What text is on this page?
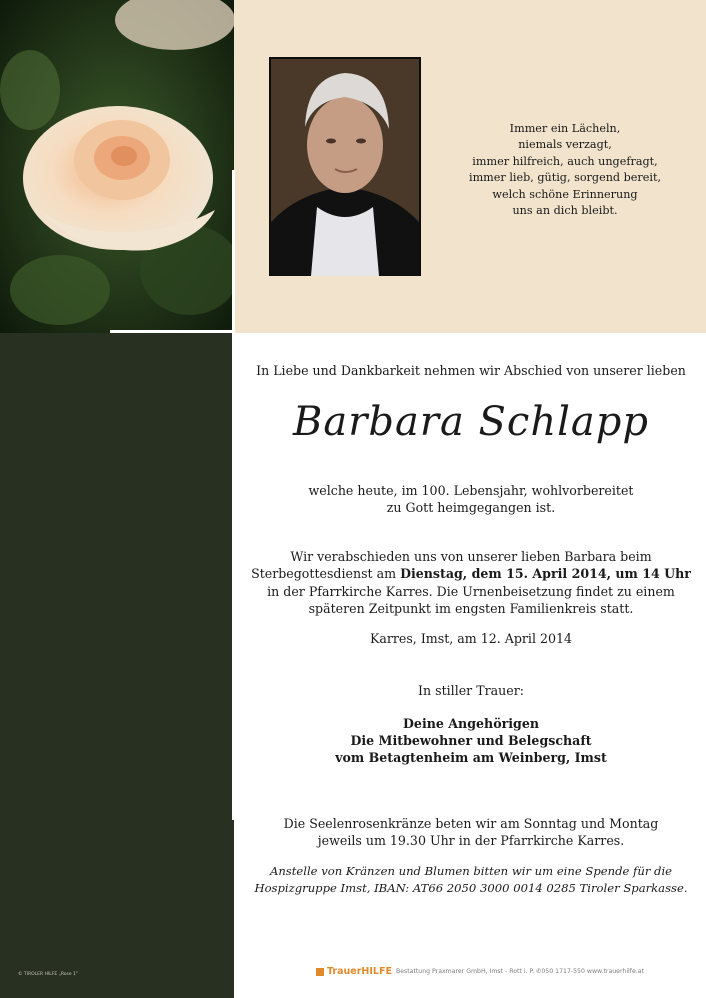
Immer ein Lächeln,
niemals verzagt,
immer hilfreich, auch ungefragt,
immer lieb, gütig, sorgend bereit,
welch schöne Erinnerung
uns an dich bleibt.
In Liebe und Dankbarkeit nehmen wir Abschied von unserer lieben
Barbara Schlapp
welche heute, im 100. Lebensjahr, wohlvorbereitet
zu Gott heimgegangen ist.
Wir verabschieden uns von unserer lieben Barbara beim
Sterbegottesdienst am Dienstag, dem 15. April 2014, um 14 Uhr
in der Pfarrkirche Karres. Die Urnenbeisetzung findet zu einem
späteren Zeitpunkt im engsten Familienkreis statt.
Karres, Imst, am 12. April 2014
In stiller Trauer:
Deine Angehörigen
Die Mitbewohner und Belegschaft
vom Betagtenheim am Weinberg, Imst
Die Seelenrosenkränze beten wir am Sonntag und Montag
jeweils um 19.30 Uhr in der Pfarrkirche Karres.
Anstelle von Kränzen und Blumen bitten wir um eine Spende für die
Hospizgruppe Imst, IBAN: AT66 2050 3000 0014 0285 Tiroler Sparkasse.
© TIROLER HILFE „Rose 1"	TrauerHILFE Bestattung Praxmarer GmbH, Imst - Rott i. P. ✆050 1717-550 www.trauerhilfe.at
